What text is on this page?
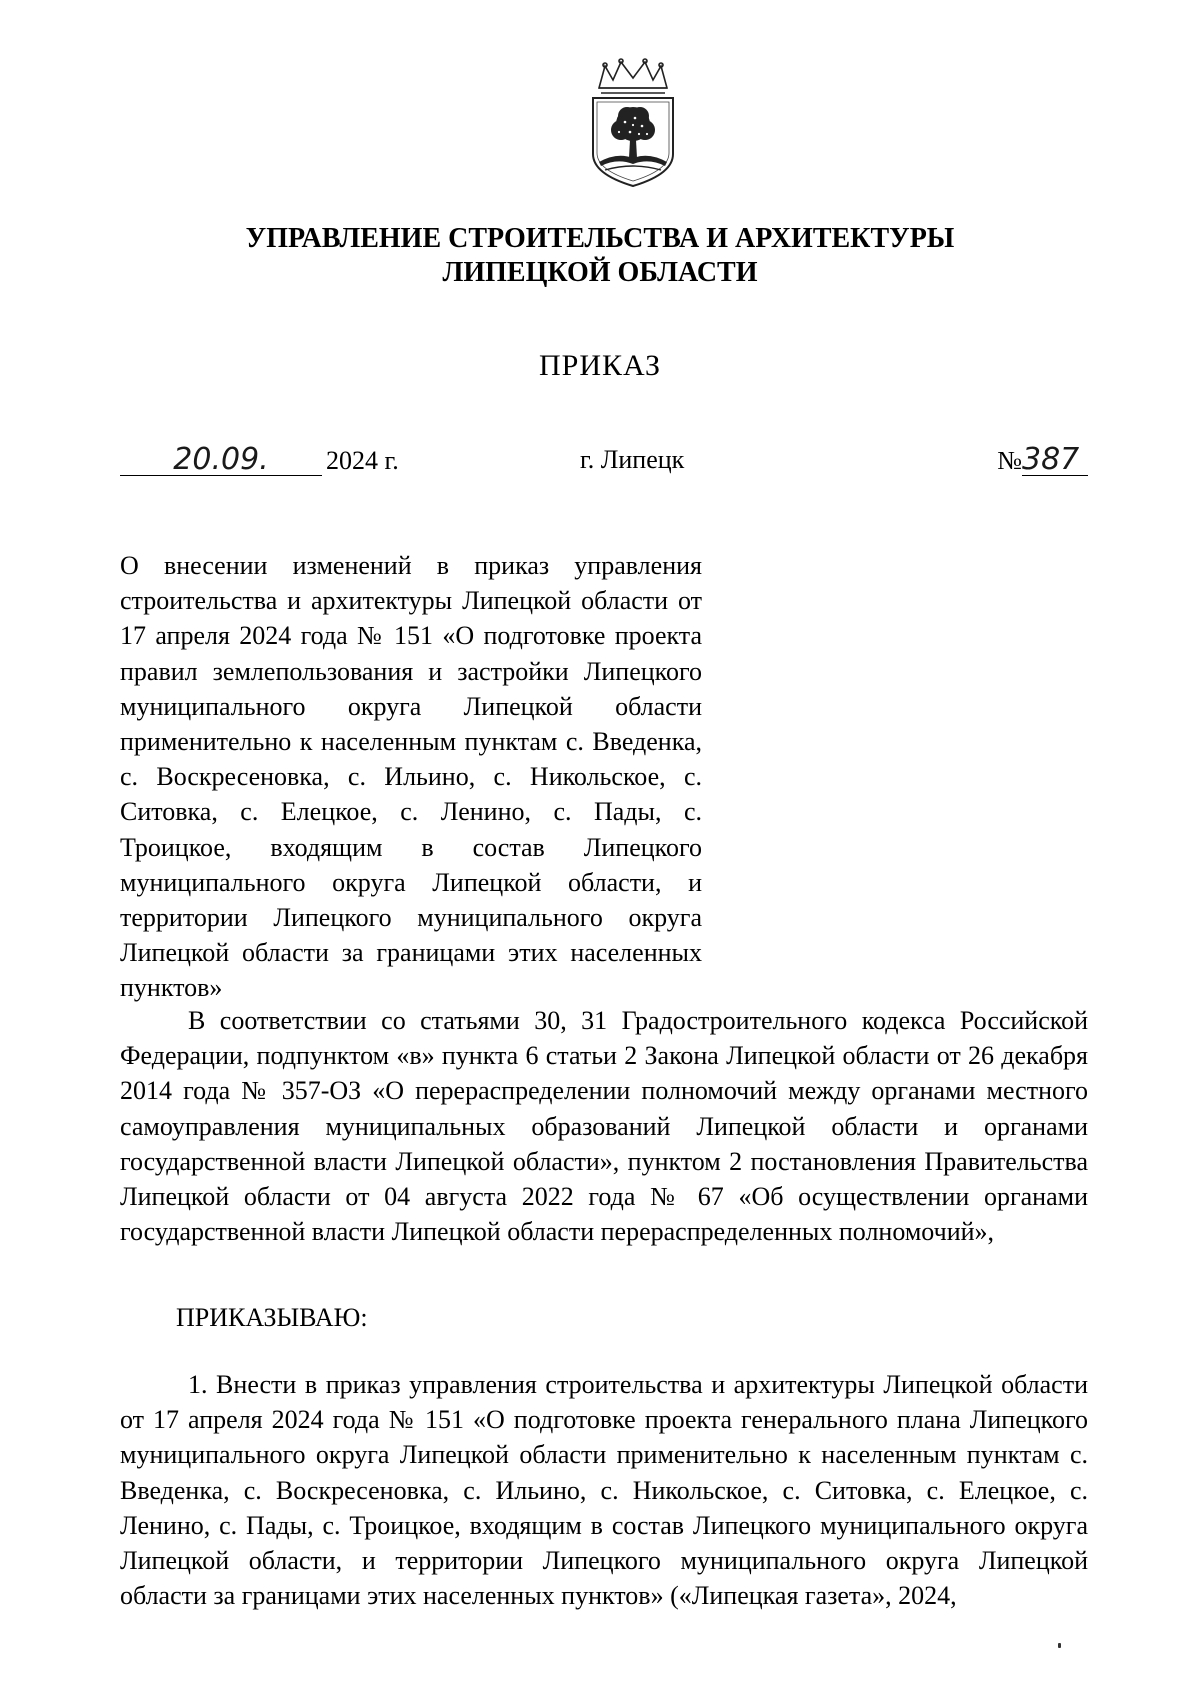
УПРАВЛЕНИЕ СТРОИТЕЛЬСТВА И АРХИТЕКТУРЫ
ЛИПЕЦКОЙ ОБЛАСТИ
ПРИКАЗ
20.09. 2024 г.	г. Липецк	№387
О внесении изменений в приказ управления строительства и архитектуры Липецкой области от 17 апреля 2024 года № 151 «О подготовке проекта правил землепользования и застройки Липецкого муниципального округа Липецкой области применительно к населенным пунктам с. Введенка, с. Воскресеновка, с. Ильино, с. Никольское, с. Ситовка, с. Елецкое, с. Ленино, с. Пады, с. Троицкое, входящим в состав Липецкого муниципального округа Липецкой области, и территории Липецкого муниципального округа Липецкой области за границами этих населенных пунктов»
В соответствии со статьями 30, 31 Градостроительного кодекса Российской Федерации, подпунктом «в» пункта 6 статьи 2 Закона Липецкой области от 26 декабря 2014 года № 357-ОЗ «О перераспределении полномочий между органами местного самоуправления муниципальных образований Липецкой области и органами государственной власти Липецкой области», пунктом 2 постановления Правительства Липецкой области от 04 августа 2022 года № 67 «Об осуществлении органами государственной власти Липецкой области перераспределенных полномочий»,
ПРИКАЗЫВАЮ:
1. Внести в приказ управления строительства и архитектуры Липецкой области от 17 апреля 2024 года № 151 «О подготовке проекта генерального плана Липецкого муниципального округа Липецкой области применительно к населенным пунктам с. Введенка, с. Воскресеновка, с. Ильино, с. Никольское, с. Ситовка, с. Елецкое, с. Ленино, с. Пады, с. Троицкое, входящим в состав Липецкого муниципального округа Липецкой области, и территории Липецкого муниципального округа Липецкой области за границами этих населенных пунктов» («Липецкая газета», 2024,
